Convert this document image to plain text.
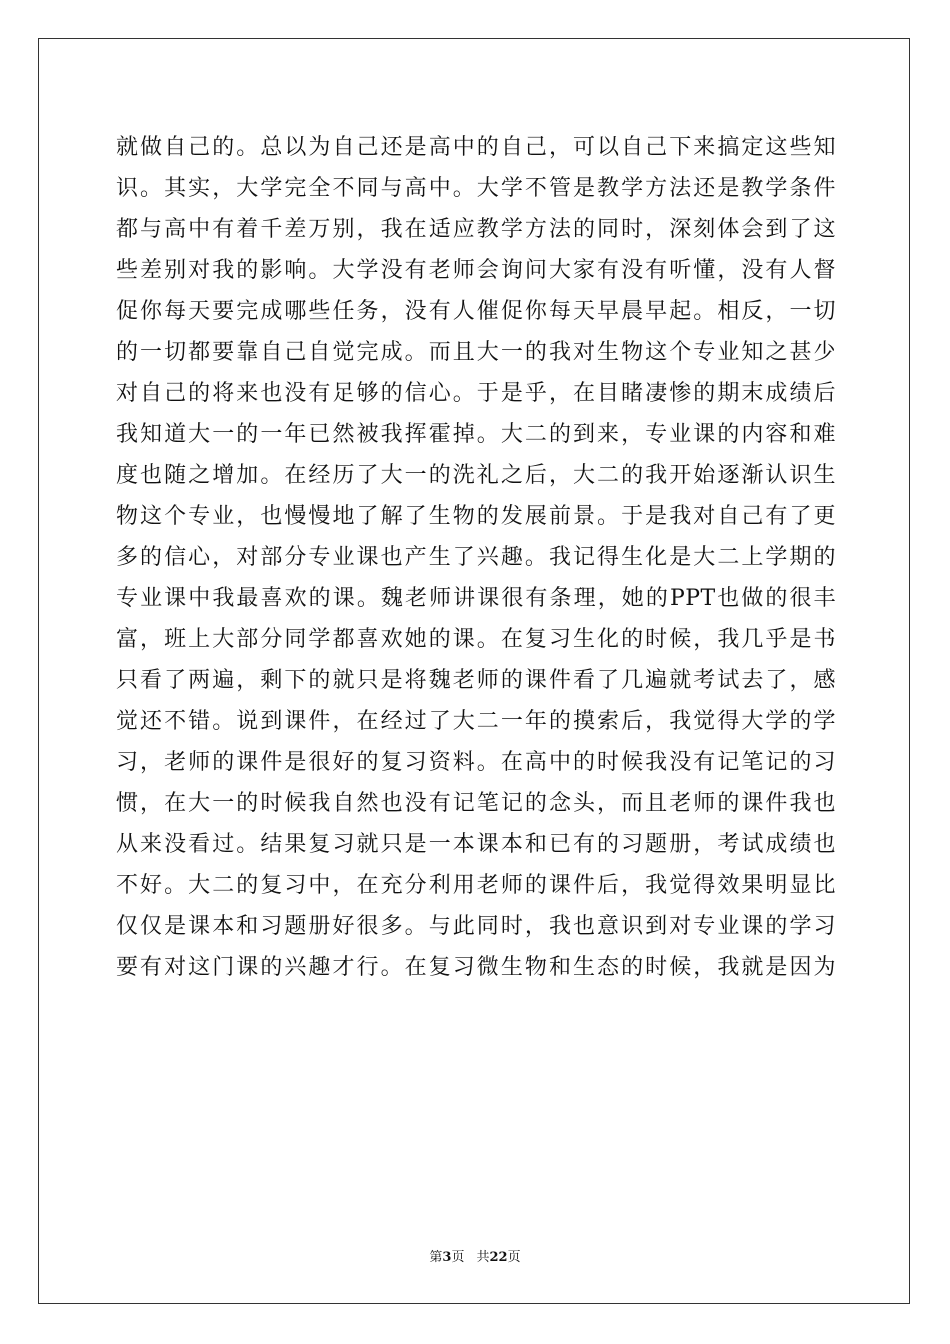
就做自己的。总以为自己还是高中的自己，可以自己下来搞定这些知
识。其实，大学完全不同与高中。大学不管是教学方法还是教学条件
都与高中有着千差万别，我在适应教学方法的同时，深刻体会到了这
些差别对我的影响。大学没有老师会询问大家有没有听懂，没有人督
促你每天要完成哪些任务，没有人催促你每天早晨早起。相反，一切
的一切都要靠自己自觉完成。而且大一的我对生物这个专业知之甚少
对自己的将来也没有足够的信心。于是乎，在目睹凄惨的期末成绩后
我知道大一的一年已然被我挥霍掉。大二的到来，专业课的内容和难
度也随之增加。在经历了大一的洗礼之后，大二的我开始逐渐认识生
物这个专业，也慢慢地了解了生物的发展前景。于是我对自己有了更
多的信心，对部分专业课也产生了兴趣。我记得生化是大二上学期的
专业课中我最喜欢的课。魏老师讲课很有条理，她的PPT也做的很丰
富，班上大部分同学都喜欢她的课。在复习生化的时候，我几乎是书
只看了两遍，剩下的就只是将魏老师的课件看了几遍就考试去了，感
觉还不错。说到课件，在经过了大二一年的摸索后，我觉得大学的学
习，老师的课件是很好的复习资料。在高中的时候我没有记笔记的习
惯，在大一的时候我自然也没有记笔记的念头，而且老师的课件我也
从来没看过。结果复习就只是一本课本和已有的习题册，考试成绩也
不好。大二的复习中，在充分利用老师的课件后，我觉得效果明显比
仅仅是课本和习题册好很多。与此同时，我也意识到对专业课的学习
要有对这门课的兴趣才行。在复习微生物和生态的时候，我就是因为
第3页 共22页
